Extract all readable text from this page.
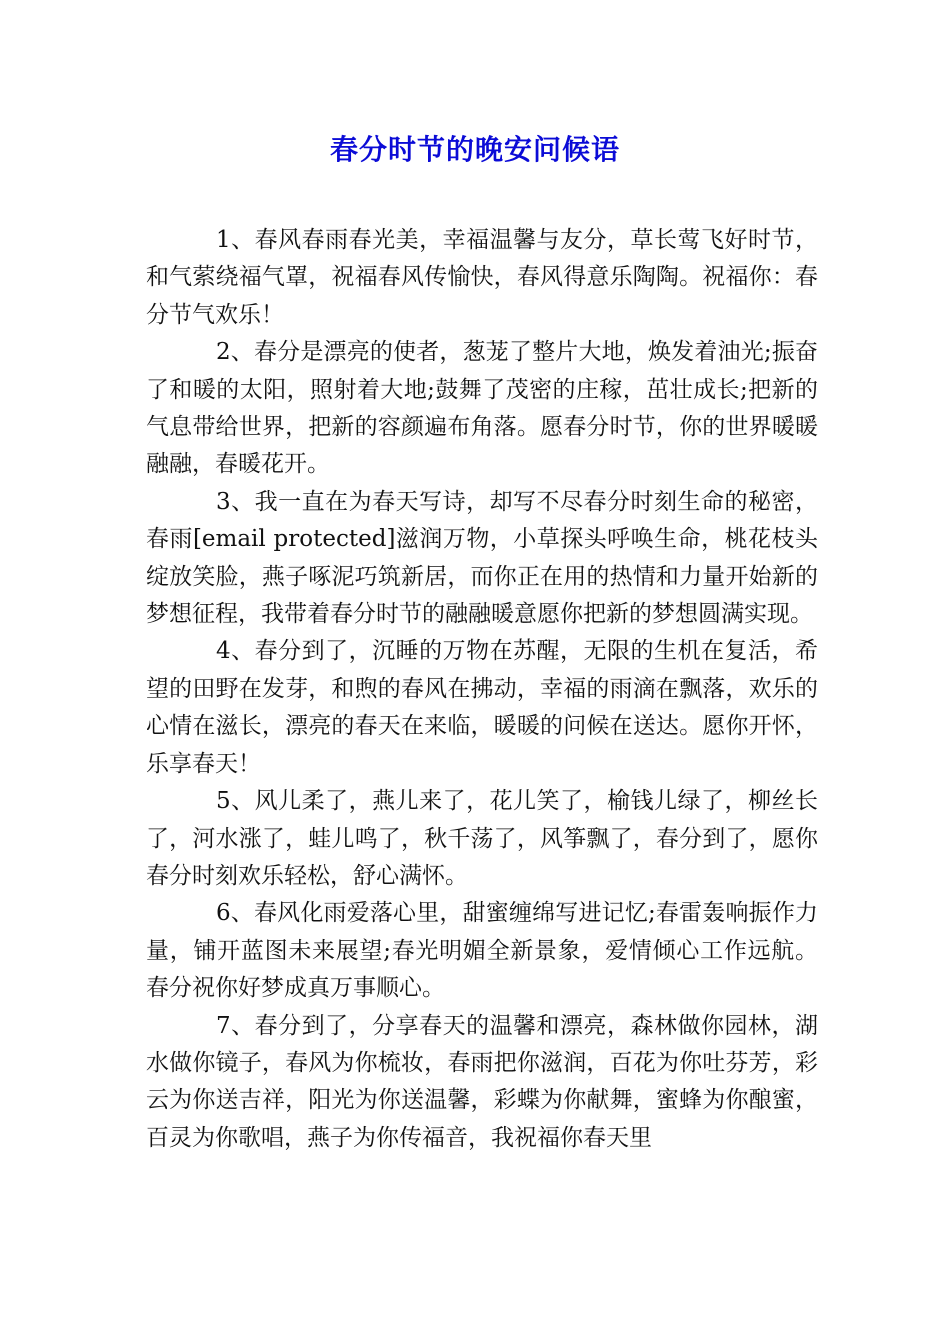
春分时节的晚安问候语

1、春风春雨春光美，幸福温馨与友分，草长莺飞好时节，和气萦绕福气罩，祝福春风传愉快，春风得意乐陶陶。祝福你：春分节气欢乐！

2、春分是漂亮的使者，葱茏了整片大地，焕发着油光;振奋了和暖的太阳，照射着大地;鼓舞了茂密的庄稼，茁壮成长;把新的气息带给世界，把新的容颜遍布角落。愿春分时节，你的世界暖暖融融，春暖花开。

3、我一直在为春天写诗，却写不尽春分时刻生命的秘密，春雨[email protected]滋润万物，小草探头呼唤生命，桃花枝头绽放笑脸，燕子啄泥巧筑新居，而你正在用的热情和力量开始新的梦想征程，我带着春分时节的融融暖意愿你把新的梦想圆满实现。

4、春分到了，沉睡的万物在苏醒，无限的生机在复活，希望的田野在发芽，和煦的春风在拂动，幸福的雨滴在飘落，欢乐的心情在滋长，漂亮的春天在来临，暖暖的问候在送达。愿你开怀，乐享春天！

5、风儿柔了，燕儿来了，花儿笑了，榆钱儿绿了，柳丝长了，河水涨了，蛙儿鸣了，秋千荡了，风筝飘了，春分到了，愿你春分时刻欢乐轻松，舒心满怀。

6、春风化雨爱落心里，甜蜜缠绵写进记忆;春雷轰响振作力量，铺开蓝图未来展望;春光明媚全新景象，爱情倾心工作远航。春分祝你好梦成真万事顺心。

7、春分到了，分享春天的温馨和漂亮，森林做你园林，湖水做你镜子，春风为你梳妆，春雨把你滋润，百花为你吐芬芳，彩云为你送吉祥，阳光为你送温馨，彩蝶为你献舞，蜜蜂为你酿蜜，百灵为你歌唱，燕子为你传福音，我祝福你春天里
